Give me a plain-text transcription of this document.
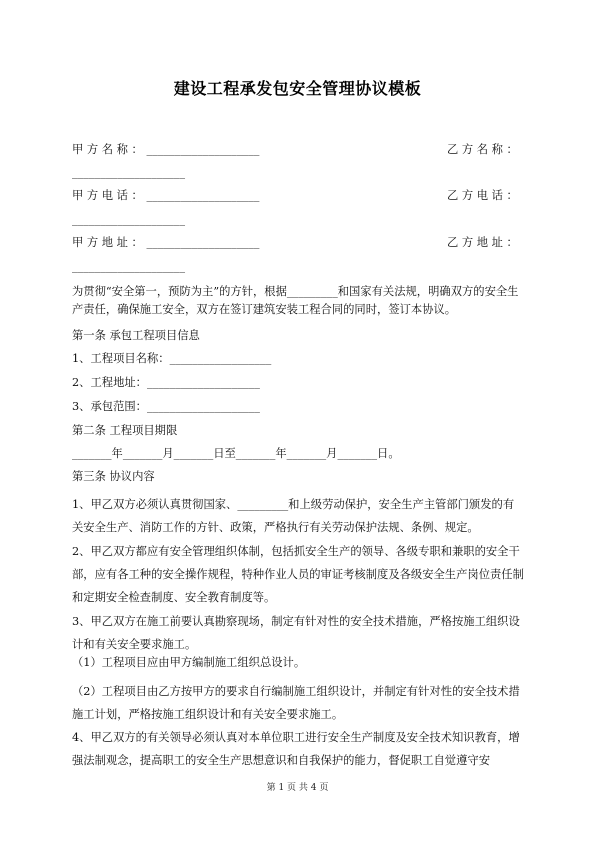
建设工程承发包安全管理协议模板
甲 方 名 称 ： ____________________	乙 方 名 称 ：
____________________
甲 方 电 话 ： ____________________	乙 方 电 话 ：
____________________
甲 方 地 址 ： ____________________	乙 方 地 址 ：
____________________
为贯彻“安全第一，预防为主”的方针，根据_________和国家有关法规，明确双方的安全生产责任，确保施工安全，双方在签订建筑安装工程合同的同时，签订本协议。
第一条 承包工程项目信息
1、工程项目名称：__________________
2、工程地址：____________________
3、承包范围：____________________
第二条 工程项目期限
_______年_______月_______日至_______年_______月_______日。
第三条 协议内容
1、甲乙双方必须认真贯彻国家、_________和上级劳动保护，安全生产主管部门颁发的有关安全生产、消防工作的方针、政策，严格执行有关劳动保护法规、条例、规定。
2、甲乙双方都应有安全管理组织体制，包括抓安全生产的领导、各级专职和兼职的安全干部，应有各工种的安全操作规程，特种作业人员的审证考核制度及各级安全生产岗位责任制和定期安全检查制度、安全教育制度等。
3、甲乙双方在施工前要认真勘察现场，制定有针对性的安全技术措施，严格按施工组织设计和有关安全要求施工。
（1）工程项目应由甲方编制施工组织总设计。
（2）工程项目由乙方按甲方的要求自行编制施工组织设计，并制定有针对性的安全技术措施工计划，严格按施工组织设计和有关安全要求施工。
4、甲乙双方的有关领导必须认真对本单位职工进行安全生产制度及安全技术知识教育，增强法制观念，提高职工的安全生产思想意识和自我保护的能力，督促职工自觉遵守安
第 1 页 共 4 页
